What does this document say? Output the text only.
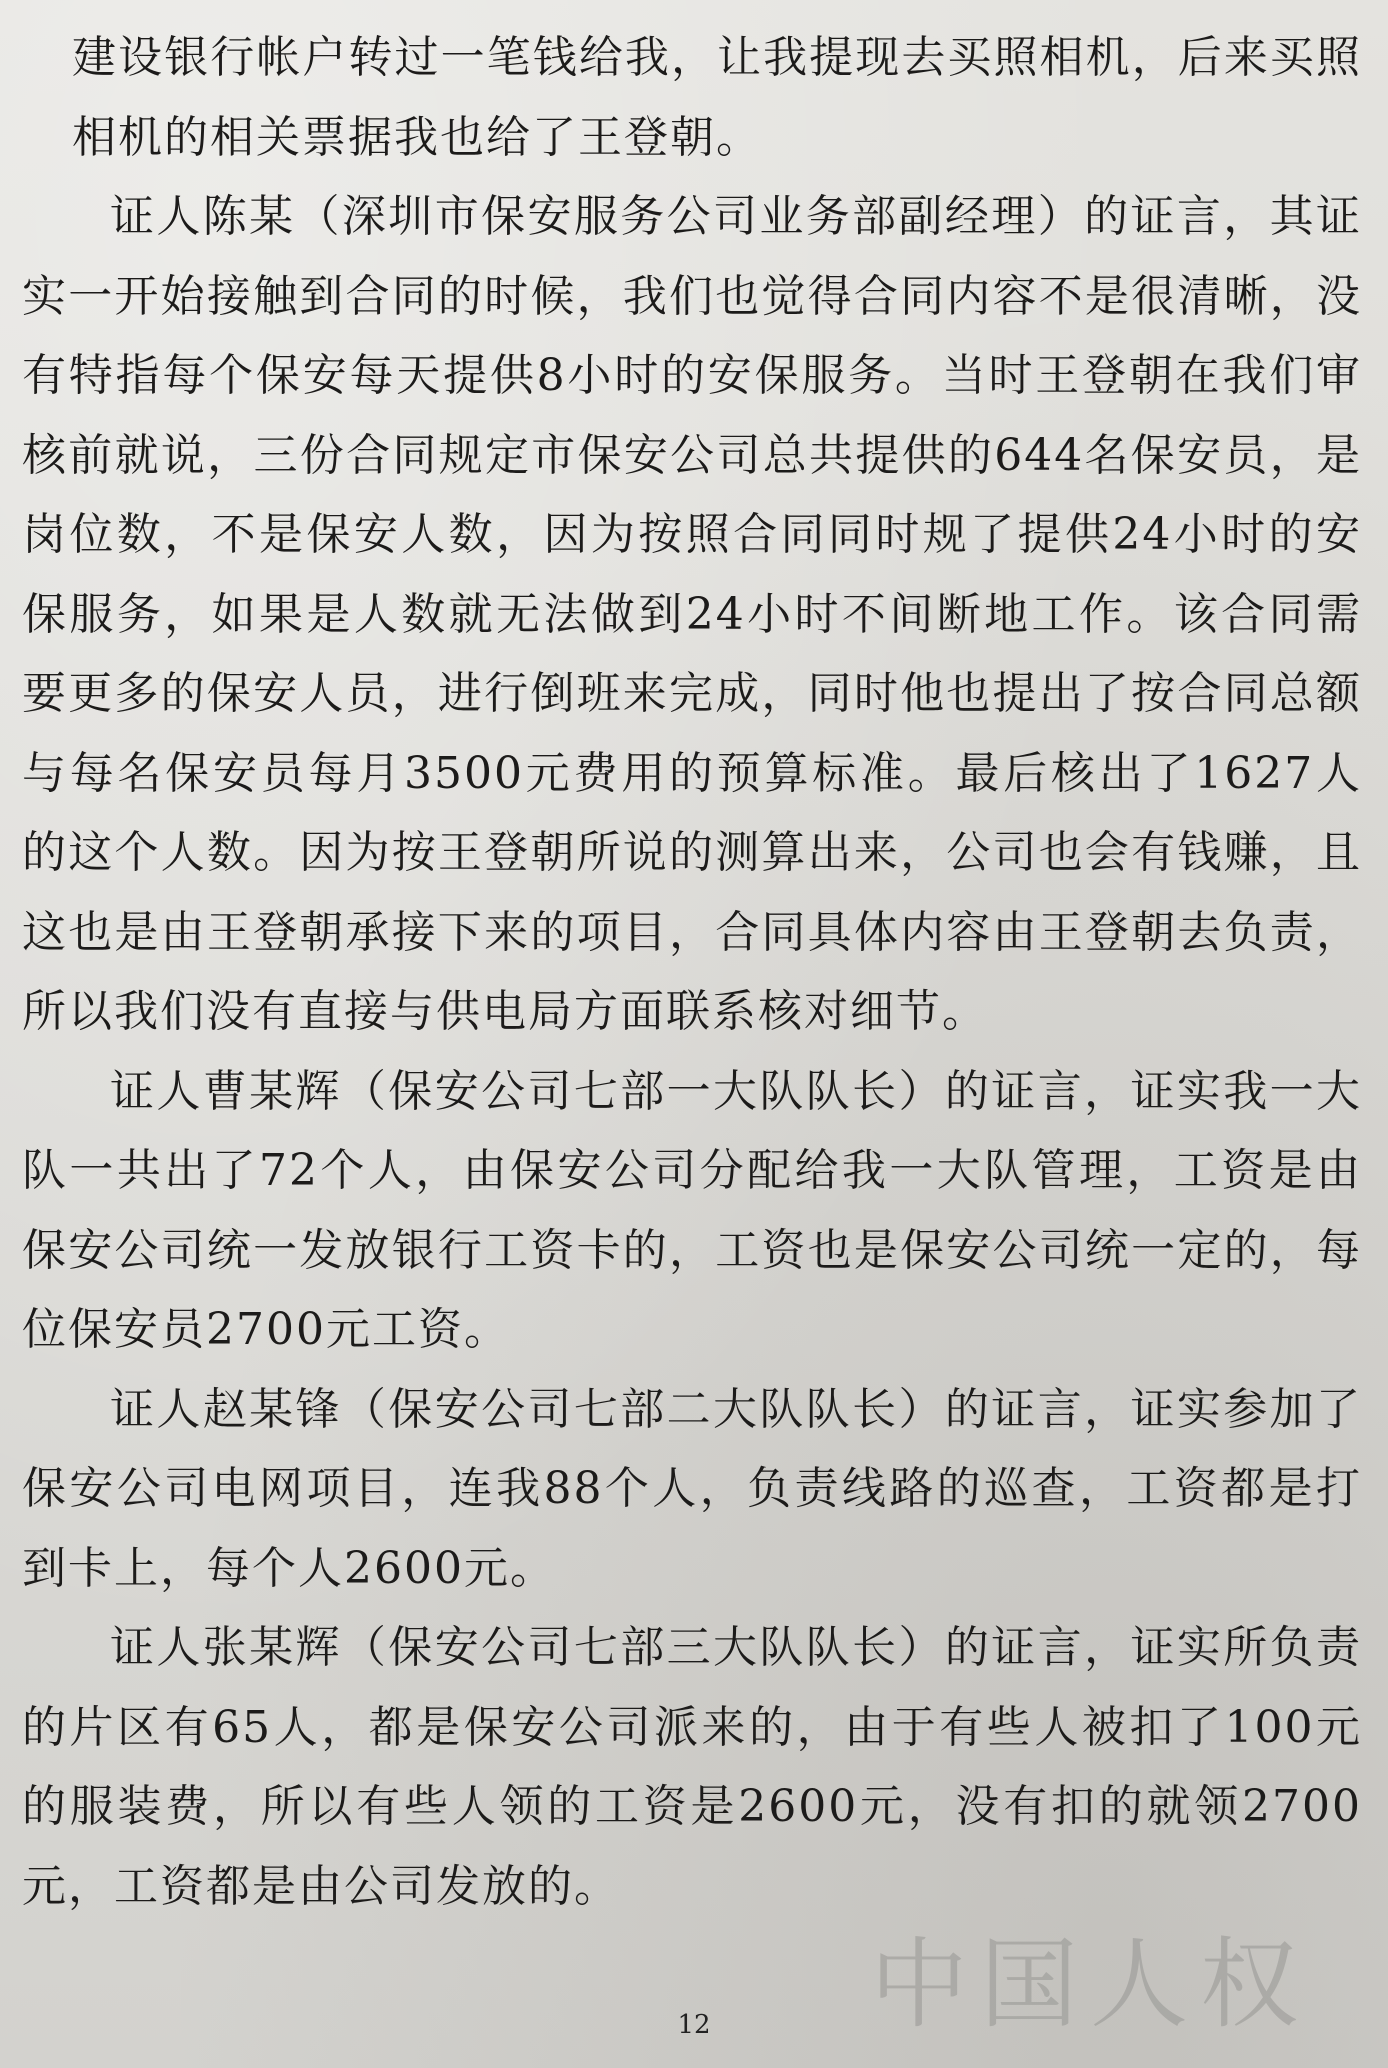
建设银行帐户转过一笔钱给我，让我提现去买照相机，后来买照相机的相关票据我也给了王登朝。

证人陈某（深圳市保安服务公司业务部副经理）的证言，其证实一开始接触到合同的时候，我们也觉得合同内容不是很清晰，没有特指每个保安每天提供8小时的安保服务。当时王登朝在我们审核前就说，三份合同规定市保安公司总共提供的644名保安员，是岗位数，不是保安人数，因为按照合同同时规了提供24小时的安保服务，如果是人数就无法做到24小时不间断地工作。该合同需要更多的保安人员，进行倒班来完成，同时他也提出了按合同总额与每名保安员每月3500元费用的预算标准。最后核出了1627人的这个人数。因为按王登朝所说的测算出来，公司也会有钱赚，且这也是由王登朝承接下来的项目，合同具体内容由王登朝去负责，所以我们没有直接与供电局方面联系核对细节。

证人曹某辉（保安公司七部一大队队长）的证言，证实我一大队一共出了72个人，由保安公司分配给我一大队管理，工资是由保安公司统一发放银行工资卡的，工资也是保安公司统一定的，每位保安员2700元工资。

证人赵某锋（保安公司七部二大队队长）的证言，证实参加了保安公司电网项目，连我88个人，负责线路的巡查，工资都是打到卡上，每个人2600元。

证人张某辉（保安公司七部三大队队长）的证言，证实所负责的片区有65人，都是保安公司派来的，由于有些人被扣了100元的服装费，所以有些人领的工资是2600元，没有扣的就领2700元，工资都是由公司发放的。

12	中国人权
